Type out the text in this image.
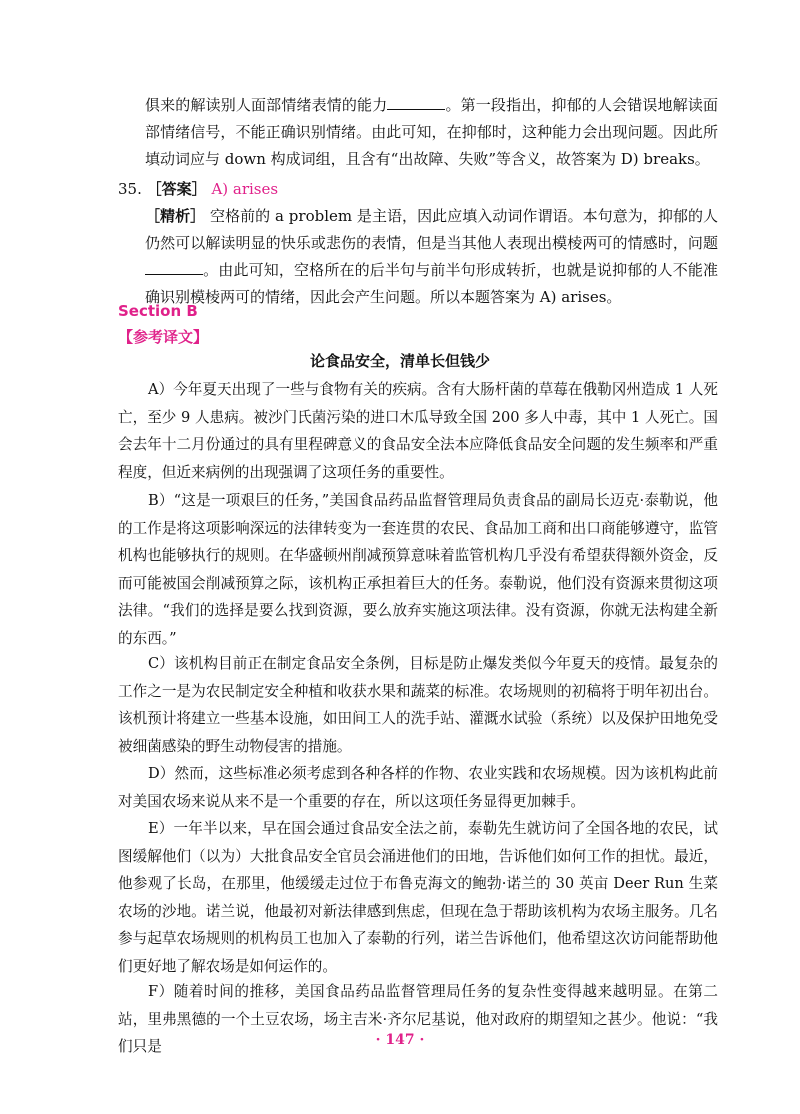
俱来的解读别人面部情绪表情的能力	。第一段指出，抑郁的人会错误地解读面部情绪信号，不能正确识别情绪。由此可知，在抑郁时，这种能力会出现问题。因此所填动词应与 down 构成词组，且含有“出故障、失败”等含义，故答案为 D) breaks。
35. ［答案］ A) arises
［精析］ 空格前的 a problem 是主语，因此应填入动词作谓语。本句意为，抑郁的人仍然可以解读明显的快乐或悲伤的表情，但是当其他人表现出模棱两可的情感时，问题。由此可知，空格所在的后半句与前半句形成转折，也就是说抑郁的人不能准确识别模棱两可的情绪，因此会产生问题。所以本题答案为 A) arises。
Section B
【参考译文】
论食品安全，清单长但钱少

A）今年夏天出现了一些与食物有关的疾病。含有大肠杆菌的草莓在俄勒冈州造成 1 人死亡，至少 9 人患病。被沙门氏菌污染的进口木瓜导致全国 200 多人中毒，其中 1 人死亡。国会去年十二月份通过的具有里程碑意义的食品安全法本应降低食品安全问题的发生频率和严重程度，但近来病例的出现强调了这项任务的重要性。

B）“这是一项艰巨的任务，”美国食品药品监督管理局负责食品的副局长迈克·泰勒说，他的工作是将这项影响深远的法律转变为一套连贯的农民、食品加工商和出口商能够遵守，监管机构也能够执行的规则。在华盛顿州削减预算意味着监管机构几乎没有希望获得额外资金，反而可能被国会削减预算之际，该机构正承担着巨大的任务。泰勒说，他们没有资源来贯彻这项法律。“我们的选择是要么找到资源，要么放弃实施这项法律。没有资源，你就无法构建全新的东西。”

C）该机构目前正在制定食品安全条例，目标是防止爆发类似今年夏天的疫情。最复杂的工作之一是为农民制定安全种植和收获水果和蔬菜的标准。农场规则的初稿将于明年初出台。该机预计将建立一些基本设施，如田间工人的洗手站、灌溉水试验（系统）以及保护田地免受被细菌感染的野生动物侵害的措施。

D）然而，这些标准必须考虑到各种各样的作物、农业实践和农场规模。因为该机构此前对美国农场来说从来不是一个重要的存在，所以这项任务显得更加棘手。

E）一年半以来，早在国会通过食品安全法之前，泰勒先生就访问了全国各地的农民，试图缓解他们（以为）大批食品安全官员会涌进他们的田地，告诉他们如何工作的担忧。最近，他参观了长岛，在那里，他缓缓走过位于布鲁克海文的鲍勃·诺兰的 30 英亩 Deer Run 生菜农场的沙地。诺兰说，他最初对新法律感到焦虑，但现在急于帮助该机构为农场主服务。几名参与起草农场规则的机构员工也加入了泰勒的行列，诺兰告诉他们，他希望这次访问能帮助他们更好地了解农场是如何运作的。

F）随着时间的推移，美国食品药品监督管理局任务的复杂性变得越来越明显。在第二站，里弗黑德的一个土豆农场，场主吉米·齐尔尼基说，他对政府的期望知之甚少。他说：“我们只是	· 147 ·
